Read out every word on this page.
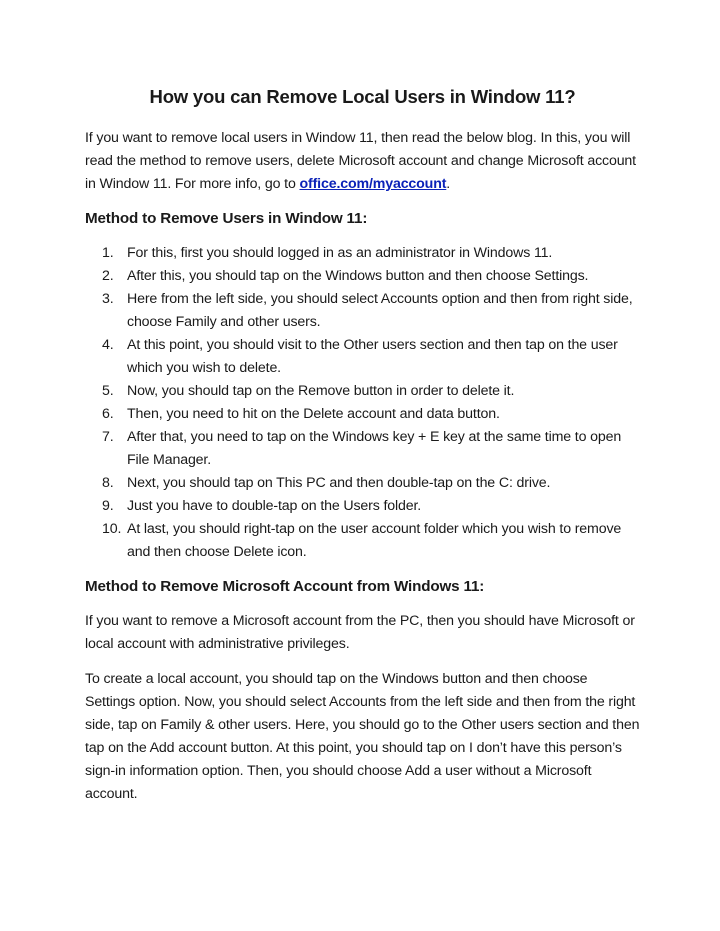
How you can Remove Local Users in Window 11?

If you want to remove local users in Window 11, then read the below blog. In this, you will read the method to remove users, delete Microsoft account and change Microsoft account in Window 11. For more info, go to office.com/myaccount.

Method to Remove Users in Window 11:
1. For this, first you should logged in as an administrator in Windows 11.
2. After this, you should tap on the Windows button and then choose Settings.
3. Here from the left side, you should select Accounts option and then from right side, choose Family and other users.
4. At this point, you should visit to the Other users section and then tap on the user which you wish to delete.
5. Now, you should tap on the Remove button in order to delete it.
6. Then, you need to hit on the Delete account and data button.
7. After that, you need to tap on the Windows key + E key at the same time to open File Manager.
8. Next, you should tap on This PC and then double-tap on the C: drive.
9. Just you have to double-tap on the Users folder.
10. At last, you should right-tap on the user account folder which you wish to remove and then choose Delete icon.
Method to Remove Microsoft Account from Windows 11:

If you want to remove a Microsoft account from the PC, then you should have Microsoft or local account with administrative privileges.

To create a local account, you should tap on the Windows button and then choose Settings option. Now, you should select Accounts from the left side and then from the right side, tap on Family & other users. Here, you should go to the Other users section and then tap on the Add account button. At this point, you should tap on I don’t have this person’s sign-in information option. Then, you should choose Add a user without a Microsoft account.
